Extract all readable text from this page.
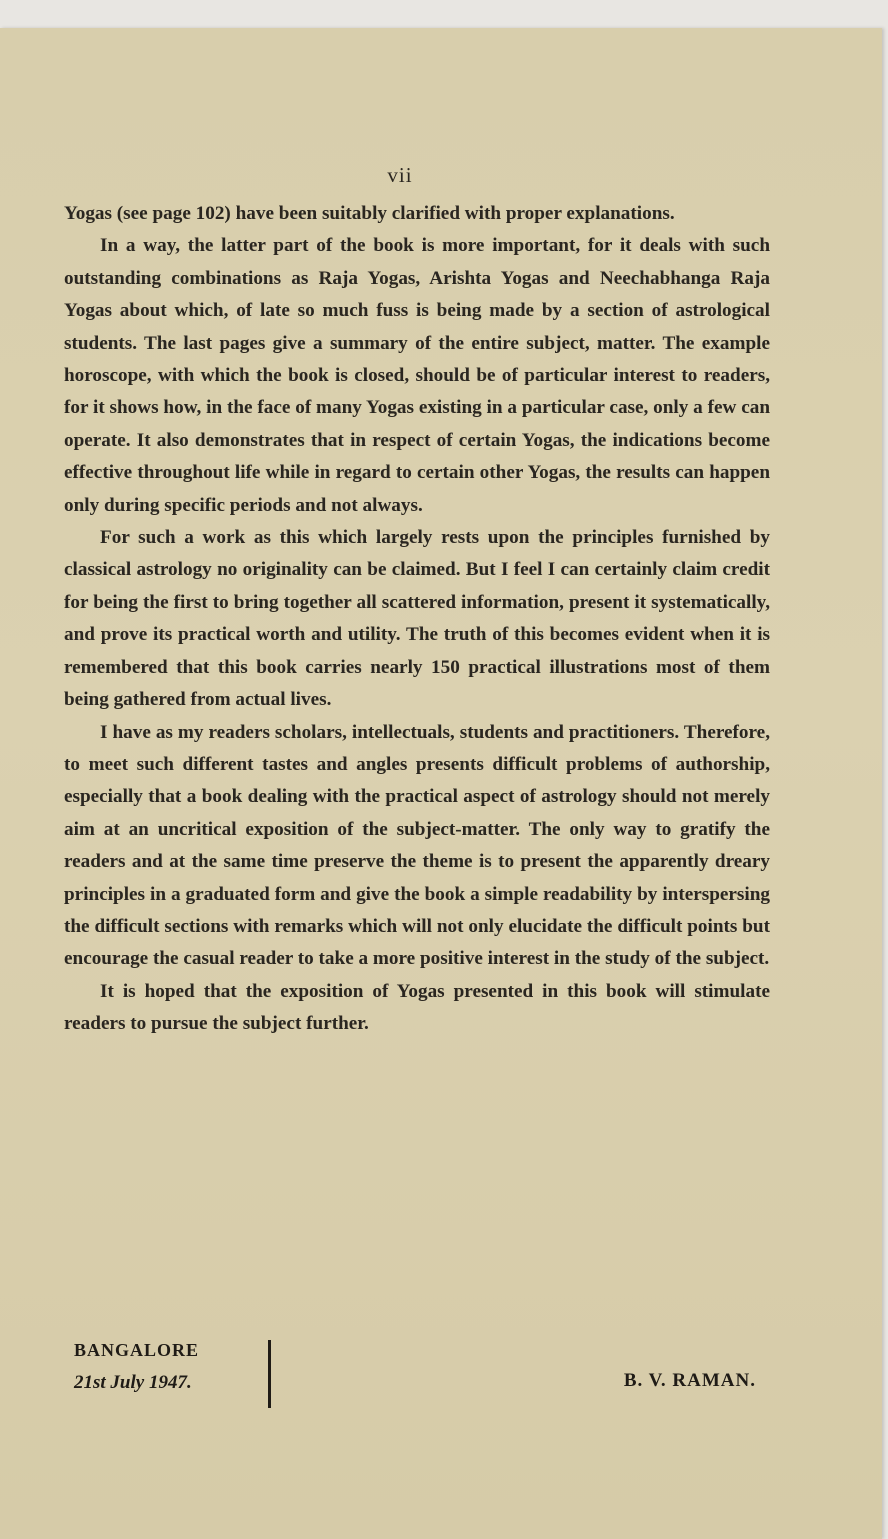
vii

Yogas (see page 102) have been suitably clarified with proper explanations.

In a way, the latter part of the book is more important, for it deals with such outstanding combinations as Raja Yogas, Arishta Yogas and Neechabhanga Raja Yogas about which, of late so much fuss is being made by a section of astrological students. The last pages give a summary of the entire subject, matter. The example horoscope, with which the book is closed, should be of particular interest to readers, for it shows how, in the face of many Yogas existing in a particular case, only a few can operate. It also demonstrates that in respect of certain Yogas, the indications become effective throughout life while in regard to certain other Yogas, the results can happen only during specific periods and not always.

For such a work as this which largely rests upon the principles furnished by classical astrology no originality can be claimed. But I feel I can certainly claim credit for being the first to bring together all scattered information, present it systematically, and prove its practical worth and utility. The truth of this becomes evident when it is remembered that this book carries nearly 150 practical illustrations most of them being gathered from actual lives.

I have as my readers scholars, intellectuals, students and practitioners. Therefore, to meet such different tastes and angles presents difficult problems of authorship, especially that a book dealing with the practical aspect of astrology should not merely aim at an uncritical exposition of the subject-matter. The only way to gratify the readers and at the same time preserve the theme is to present the apparently dreary principles in a graduated form and give the book a simple readability by interspersing the difficult sections with remarks which will not only elucidate the difficult points but encourage the casual reader to take a more positive interest in the study of the subject.

It is hoped that the exposition of Yogas presented in this book will stimulate readers to pursue the subject further.

BANGALORE
21st July 1947.	B. V. RAMAN.
